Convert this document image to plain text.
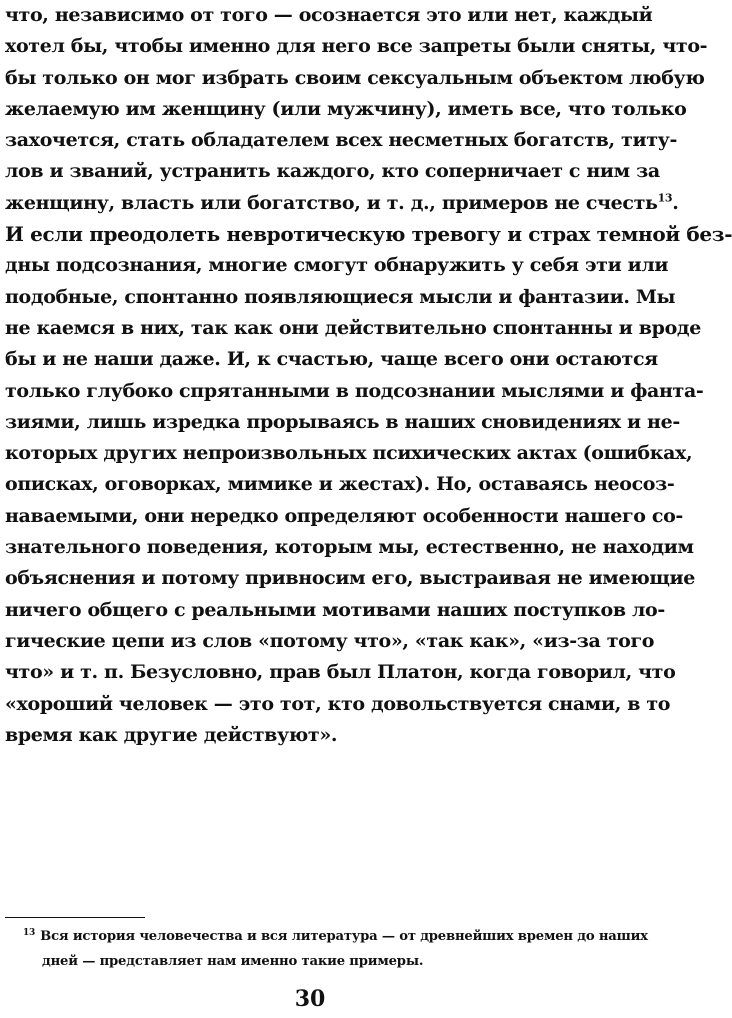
что, независимо от того — осознается это или нет, каждый
хотел бы, чтобы именно для него все запреты были сняты, что-
бы только он мог избрать своим сексуальным объектом любую
желаемую им женщину (или мужчину), иметь все, что только
захочется, стать обладателем всех несметных богатств, титу-
лов и званий, устранить каждого, кто соперничает с ним за
женщину, власть или богатство, и т. д., примеров не счесть$^{13}$.
И если преодолеть невротическую тревогу и страх темной без-
дны подсознания, многие смогут обнаружить у себя эти или
подобные, спонтанно появляющиеся мысли и фантазии. Мы
не каемся в них, так как они действительно спонтанны и вроде
бы и не наши даже. И, к счастью, чаще всего они остаются
только глубоко спрятанными в подсознании мыслями и фанта-
зиями, лишь изредка прорываясь в наших сновидениях и не-
которых других непроизвольных психических актах (ошибках,
описках, оговорках, мимике и жестах). Но, оставаясь неосоз-
наваемыми, они нередко определяют особенности нашего со-
знательного поведения, которым мы, естественно, не находим
объяснения и потому привносим его, выстраивая не имеющие
ничего общего с реальными мотивами наших поступков ло-
гические цепи из слов «потому что», «так как», «из-за того
что» и т. п. Безусловно, прав был Платон, когда говорил, что
«хороший человек — это тот, кто довольствуется снами, в то
время как другие действуют».
$^{13}$ Вся история человечества и вся литература — от древнейших времен до наших
дней — представляет нам именно такие примеры.
30
